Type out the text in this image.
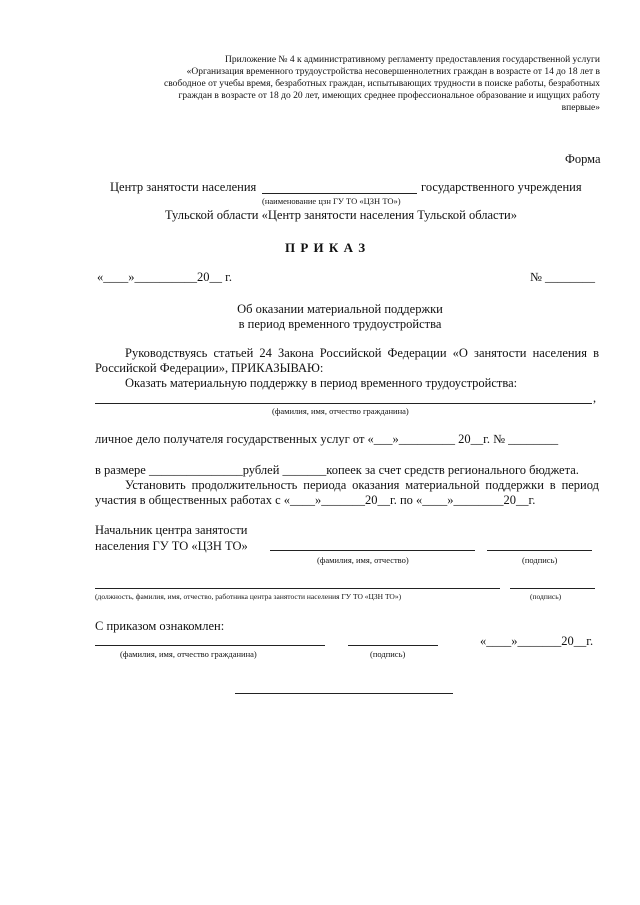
Приложение № 4 к административному регламенту предоставления государственной услуги
«Организация временного трудоустройства несовершеннолетних граждан в возрасте от 14 до 18 лет в
свободное от учебы время, безработных граждан, испытывающих трудности в поиске работы, безработных
граждан в возрасте от 18 до 20 лет, имеющих среднее профессиональное образование и ищущих работу
впервые»
Форма
Центр занятости населения	государственного учреждения
(наименование цзн ГУ ТО «ЦЗН ТО»)
Тульской области «Центр занятости населения Тульской области»
П Р И К А З
«____»__________20__ г.	№ ________
Об оказании материальной поддержки
в период временного трудоустройства
Руководствуясь статьей 24 Закона Российской Федерации «О занятости населения в Российской Федерации», ПРИКАЗЫВАЮ:
Оказать материальную поддержку в период временного трудоустройства:
,
(фамилия, имя, отчество гражданина)
личное дело получателя государственных услуг от «___»_________ 20__г. № ________
в размере _______________рублей _______копеек за счет средств регионального бюджета.
Установить продолжительность периода оказания материальной поддержки в период участия в общественных работах с «____»_______20__г. по «____»________20__г.
Начальник центра занятости
населения ГУ ТО «ЦЗН ТО»
(фамилия, имя, отчество)	(подпись)
(должность, фамилия, имя, отчество, работника центра занятости населения ГУ ТО «ЦЗН ТО»)	(подпись)
С приказом ознакомлен:
«____»_______20__г.
(фамилия, имя, отчество гражданина)	(подпись)
